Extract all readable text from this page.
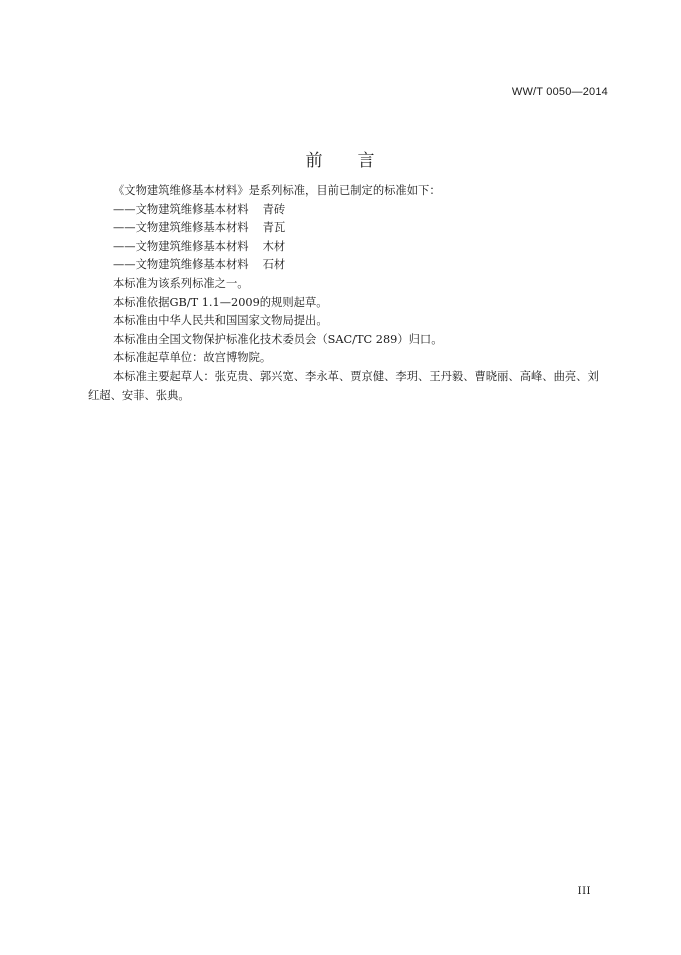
WW/T 0050—2014
前 言

《文物建筑维修基本材料》是系列标准，目前已制定的标准如下：

——文物建筑维修基本材料 青砖

——文物建筑维修基本材料 青瓦

——文物建筑维修基本材料 木材

——文物建筑维修基本材料 石材

本标准为该系列标准之一。

本标准依据GB/T 1.1—2009的规则起草。

本标准由中华人民共和国国家文物局提出。

本标准由全国文物保护标准化技术委员会（SAC/TC 289）归口。

本标准起草单位：故宫博物院。

本标准主要起草人：张克贵、郭兴宽、李永革、贾京健、李玥、王丹毅、曹晓丽、高峰、曲亮、刘红超、安菲、张典。

III
